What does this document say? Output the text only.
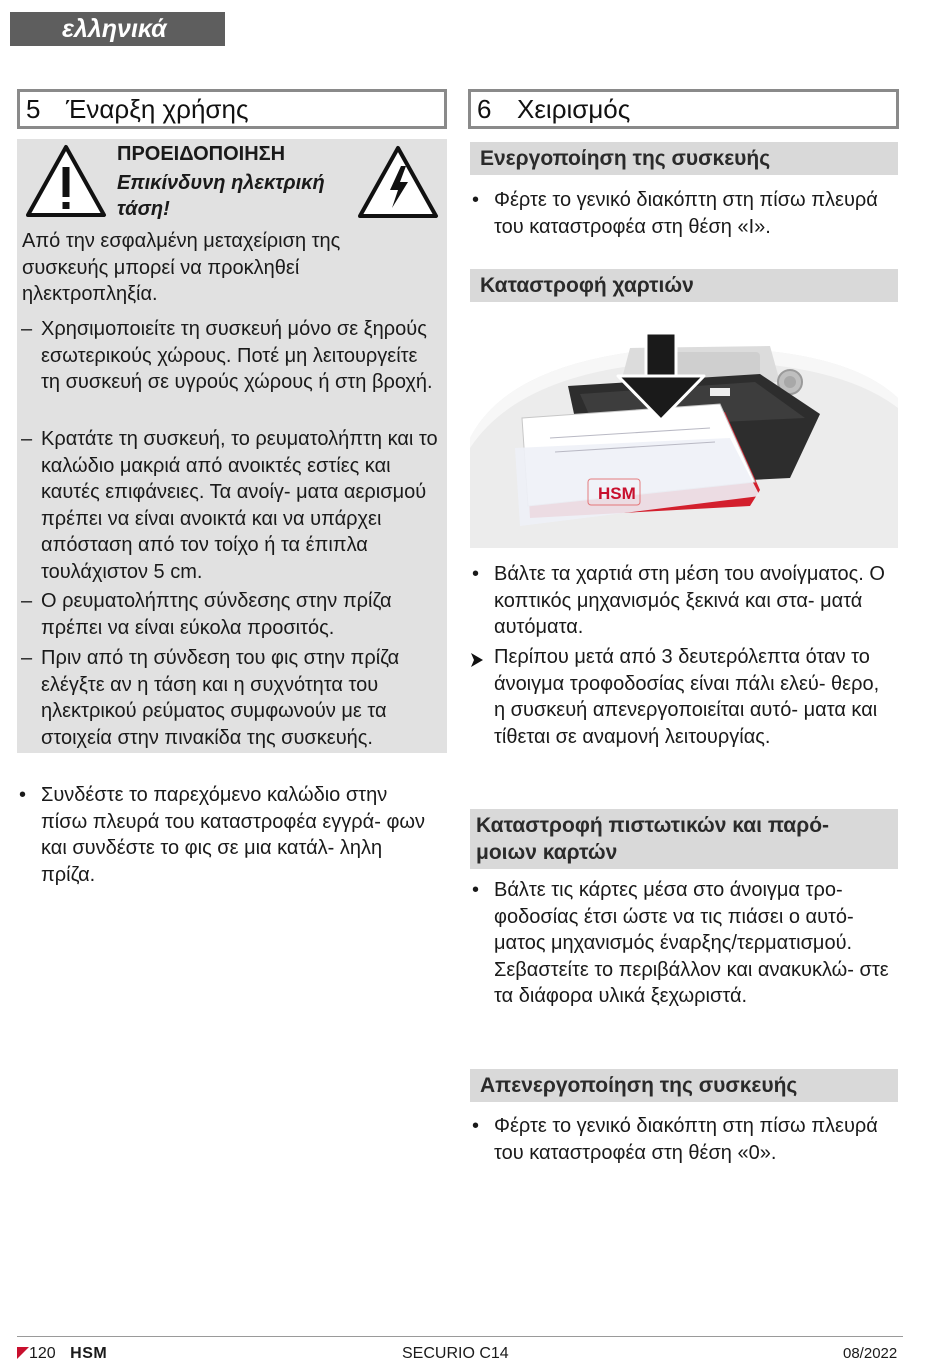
ελληνικά
5 Έναρξη χρήσης	6 Χειρισμός
ΠΡΟΕΙΔΟΠΟΙΗΣΗ
Επικίνδυνη ηλεκτρική
τάση!
Από την εσφαλμένη μεταχείριση της συσκευής μπορεί να προκληθεί ηλεκτροπληξία.
– Χρησιμοποιείτε τη συσκευή μόνο σε ξηρούς εσωτερικούς χώρους. Ποτέ μη λειτουργείτε τη συσκευή σε υγρούς χώρους ή στη βροχή.
– Κρατάτε τη συσκευή, το ρευματολήπτη και το καλώδιο μακριά από ανοικτές εστίες και καυτές επιφάνειες. Τα ανοίγ- ματα αερισμού πρέπει να είναι ανοικτά και να υπάρχει απόσταση από τον τοίχο ή τα έπιπλα τουλάχιστον 5 cm.
– Ο ρευματολήπτης σύνδεσης στην πρίζα πρέπει να είναι εύκολα προσιτός.
– Πριν από τη σύνδεση του φις στην πρίζα ελέγξτε αν η τάση και η συχνότητα του ηλεκτρικού ρεύματος συμφωνούν με τα στοιχεία στην πινακίδα της συσκευής.
• Συνδέστε το παρεχόμενο καλώδιο στην πίσω πλευρά του καταστροφέα εγγρά- φων και συνδέστε το φις σε μια κατάλ- ληλη πρίζα.
Ενεργοποίηση της συσκευής
• Φέρτε το γενικό διακόπτη στη πίσω πλευρά του καταστροφέα στη θέση «I».
Καταστροφή χαρτιών
HSM
• Βάλτε τα χαρτιά στη μέση του ανοίγματος. Ο κοπτικός μηχανισμός ξεκινά και στα- ματά αυτόματα.
Περίπου μετά από 3 δευτερόλεπτα όταν το άνοιγμα τροφοδοσίας είναι πάλι ελεύ- θερο, η συσκευή απενεργοποιείται αυτό- ματα και τίθεται σε αναμονή λειτουργίας.
Καταστροφή πιστωτικών και παρό- μοιων καρτών
• Βάλτε τις κάρτες μέσα στο άνοιγμα τρο- φοδοσίας έτσι ώστε να τις πιάσει ο αυτό- ματος μηχανισμός έναρξης/τερματισμού. Σεβαστείτε το περιβάλλον και ανακυκλώ- στε τα διάφορα υλικά ξεχωριστά.
Απενεργοποίηση της συσκευής
• Φέρτε το γενικό διακόπτη στη πίσω πλευρά του καταστροφέα στη θέση «0».
120 HSM	SECURIO C14	08/2022
